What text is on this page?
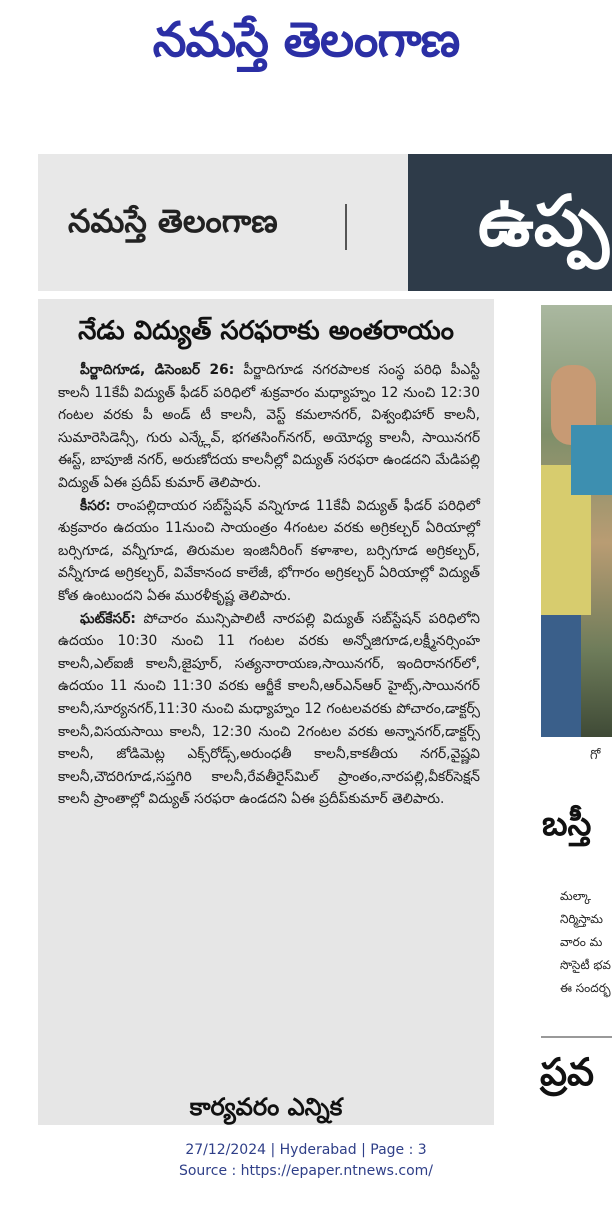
నమస్తే తెలంగాణ
నమస్తే తెలంగాణ	ఉప్ప
నేడు విద్యుత్ సరఫరాకు అంతరాయం

పీర్జాదిగూడ, డిసెంబర్ 26: పీర్జాదిగూడ నగరపాలక సంస్థ పరిధి పీఎస్టీ కాలనీ 11కేవీ విద్యుత్ ఫీడర్ పరిధిలో శుక్రవారం మధ్యాహ్నం 12 నుంచి 12:30 గంటల వరకు పీ అండ్ టీ కాలనీ, వెస్ట్ కమలానగర్, విశ్వంభిహార్ కాలనీ, సుమారెసిడెన్సీ, గురు ఎన్క్లేవ్, భగతసింగ్‌నగర్, అయోధ్య కాలనీ, సాయినగర్ ఈస్ట్, బాపూజీ నగర్, అరుణోదయ కాలనీల్లో విద్యుత్ సరఫరా ఉండదని మేడిపల్లి విద్యుత్ ఏఈ ప్రదీప్ కుమార్ తెలిపారు.

కీసర: రాంపల్లిదాయర సబ్‌స్టేషన్ వన్నిగూడ 11కేవీ విద్యుత్ ఫీడర్ పరిధిలో శుక్రవారం ఉదయం 11నుంచి సాయంత్రం 4గంటల వరకు అగ్రికల్చర్ ఏరియాల్లో బర్సిగూడ, వన్నీగూడ, తిరుమల ఇంజినీరింగ్ కళాశాల, బర్సిగూడ అగ్రికల్చర్, వన్నీగూడ అగ్రికల్చర్, వివేకానంద కాలేజీ, భోగారం అగ్రికల్చర్ ఏరియాల్లో విద్యుత్ కోత ఉంటుందని ఏఈ మురళీకృష్ణ తెలిపారు.

ఘట్‌కేసర్: పోచారం మున్సిపాలిటీ నారపల్లి విద్యుత్ సబ్‌స్టేషన్ పరిధిలోని ఉదయం 10:30 నుంచి 11 గంటల వరకు అన్నోజిగూడ,లక్ష్మీనర్సింహ కాలనీ,ఎల్ఐజీ కాలనీ,జైపూర్, సత్యనారాయణ,సాయినగర్, ఇందిరానగర్‌లో, ఉదయం 11 నుంచి 11:30 వరకు ఆర్జీకే కాలనీ,ఆర్ఎన్ఆర్ హైట్స్,సాయినగర్ కాలనీ,సూర్యనగర్,11:30 నుంచి మధ్యాహ్నం 12 గంటలవరకు పోచారం,డాక్టర్స్ కాలనీ,విసయసాయి కాలనీ, 12:30 నుంచి 2గంటల వరకు అన్నానగర్,డాక్టర్స్ కాలనీ, జోడిమెట్ల ఎక్స్‌రోడ్స్,అరుంధతీ కాలనీ,కాకతీయ నగర్,వైష్ణవి కాలనీ,చౌదరిగూడ,సప్తగిరి కాలనీ,రేవతీరైస్‌మిల్ ప్రాంతం,నారపల్లి,వీకర్‌సెక్షన్ కాలనీ ప్రాంతాల్లో విద్యుత్ సరఫరా ఉండదని ఏఈ ప్రదీప్‌కుమార్ తెలిపారు.

కార్యవరం ఎన్నిక
గో
బస్తీ
మల్కా
నిర్మిస్తామ
వారం మ
సొసైటీ భవ
ఈ సందర్భ
ప్రవ
27/12/2024 | Hyderabad | Page : 3
Source : https://epaper.ntnews.com/
